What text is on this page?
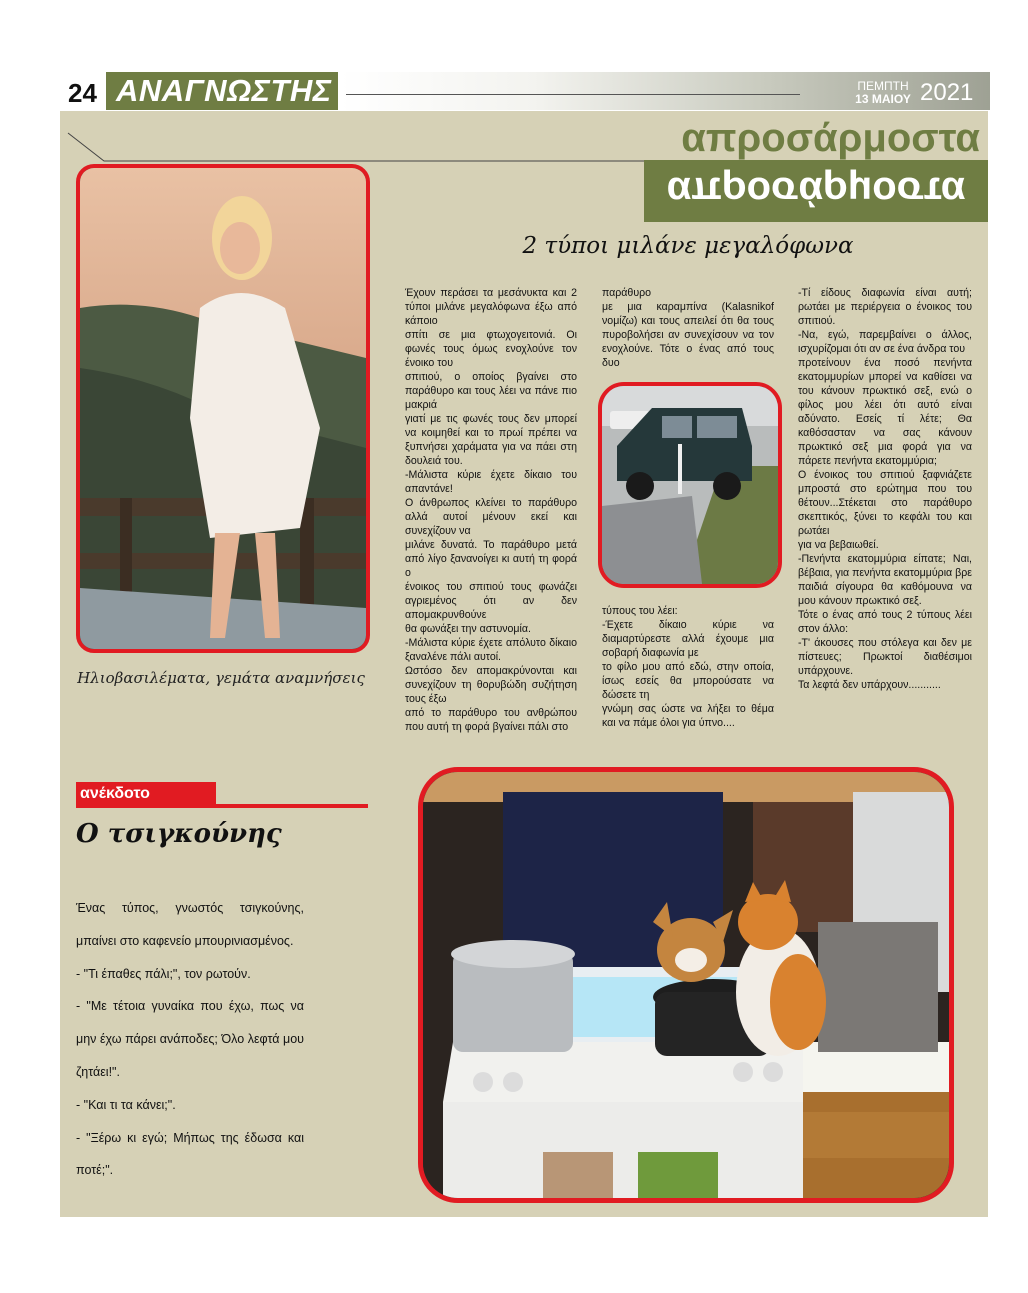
24 ΑΝΑΓΝΩΣΤΗΣ	ΠΕΜΠΤΗ
13 ΜΑΙΟΥ 2021
απροσάρμοστα
απροσάρμοστα
Ηλιοβασιλέματα, γεμάτα αναμνήσεις
2 τύποι μιλάνε μεγαλόφωνα

Έχουν περάσει τα μεσάνυκτα και 2 τύποι μιλάνε μεγαλόφωνα έξω από κάποιο

σπίτι σε μια φτωχογειτονιά. Οι φωνές τους όμως ενοχλούνε τον ένοικο του

σπιτιού, ο οποίος βγαίνει στο παράθυρο και τους λέει να πάνε πιο μακριά

γιατί με τις φωνές τους δεν μπορεί να κοιμηθεί και το πρωί πρέπει να ξυπνήσει χαράματα για να πάει στη δουλειά του.

-Μάλιστα κύριε έχετε δίκαιο του απαντάνε!

Ο άνθρωπος κλείνει το παράθυρο αλλά αυτοί μένουν εκεί και συνεχίζουν να

μιλάνε δυνατά. Το παράθυρο μετά από λίγο ξανανοίγει κι αυτή τη φορά ο

ένοικος του σπιτιού τους φωνάζει αγριεμένος ότι αν δεν απομακρυνθούνε

θα φωνάξει την αστυνομία.

-Μάλιστα κύριε έχετε απόλυτο δίκαιο ξαναλένε πάλι αυτοί.

Ωστόσο δεν απομακρύνονται και συνεχίζουν τη θορυβώδη συζήτηση τους έξω

από το παράθυρο του ανθρώπου που αυτή τη φορά βγαίνει πάλι στο

παράθυρο

με μια καραμπίνα (Kalasnikof νομίζω) και τους απειλεί ότι θα τους πυροβολήσει αν συνεχίσουν να τον ενοχλούνε. Τότε ο ένας από τους δυο

τύπους του λέει:

-Έχετε δίκαιο κύριε να διαμαρτύρεστε αλλά έχουμε μια σοβαρή διαφωνία με

το φίλο μου από εδώ, στην οποία, ίσως εσείς θα μπορούσατε να δώσετε τη

γνώμη σας ώστε να λήξει το θέμα και να πάμε όλοι για ύπνο....

-Τί είδους διαφωνία είναι αυτή; ρωτάει με περιέργεια ο ένοικος του σπιτιού.

-Να, εγώ, παρεμβαίνει ο άλλος, ισχυρίζομαι ότι αν σε ένα άνδρα του

προτείνουν ένα ποσό πενήντα εκατομμυρίων μπορεί να καθίσει να του κάνουν πρωκτικό σεξ, ενώ ο φίλος μου λέει ότι αυτό είναι αδύνατο. Εσείς τί λέτε; Θα καθόσασταν να σας κάνουν πρωκτικό σεξ μια φορά για να πάρετε πενήντα εκατομμύρια;

Ο ένοικος του σπιτιού ξαφνιάζετε μπροστά στο ερώτημα που του θέτουν...Στέκεται στο παράθυρο σκεπτικός, ξύνει το κεφάλι του και ρωτάει

για να βεβαιωθεί.

-Πενήντα εκατομμύρια είπατε; Ναι, βέβαια, για πενήντα εκατομμύρια βρε

παιδιά σίγουρα θα καθόμουνα να μου κάνουν πρωκτικό σεξ.

Τότε ο ένας από τους 2 τύπους λέει στον άλλο:

-Τ' άκουσες που στόλεγα και δεν με πίστευες; Πρωκτοί διαθέσιμοι υπάρχουνε.

Τα λεφτά δεν υπάρχουν...........

ανέκδοτο
Ο τσιγκούνης

Ένας τύπος, γνωστός τσιγκούνης, μπαίνει στο καφενείο μπουρινιασμένος.

- "Τι έπαθες πάλι;", τον ρωτούν.

- "Με τέτοια γυναίκα που έχω, πως να μην έχω πάρει ανάποδες; Όλο λεφτά μου ζητάει!".

- "Και τι τα κάνει;".

- "Ξέρω κι εγώ; Μήπως της έδωσα και ποτέ;".
